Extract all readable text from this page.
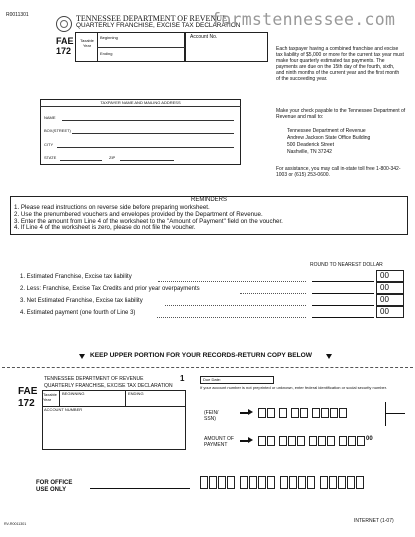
R0011301	TENNESSEE DEPARTMENT OF REVENUE
QUARTERLY FRANCHISE, EXCISE TAX DECLARATION
formstennessee.com
FAE
172
Taxable Year
Beginning
Ending
Account No.
Each taxpayer having a combined franchise and excise tax liability of $5,000 or more for the current tax year must make four quarterly estimated tax payments. The payments are due on the 15th day of the fourth, sixth, and ninth months of the current year and the first month of the succeeding year.
Make your check payable to the Tennessee Department of Revenue and mail to:
Tennessee Department of Revenue
Andrew Jackson State Office Building
500 Deaderick Street
Nashville, TN 37242
For assistance, you may call in-state toll free 1-800-342-1003 or (615) 253-0600.
TAXPAYER NAME AND MAILING ADDRESS
NAME
BOX(STREET)
CITY
STATE	ZIP
REMINDERS
1. Please read instructions on reverse side before preparing worksheet.
2. Use the prenumbered vouchers and envelopes provided by the Department of Revenue.
3. Enter the amount from Line 4 of the worksheet to the "Amount of Payment" field on the voucher.
4. If Line 4 of the worksheet is zero, please do not file the voucher.
ROUND TO NEAREST DOLLAR
1. Estimated Franchise, Excise tax liability	00
2. Less: Franchise, Excise Tax Credits and prior year overpayments	00
3. Net Estimated Franchise, Excise tax liability	00
4. Estimated payment (one fourth of Line 3)	00
KEEP UPPER PORTION FOR YOUR RECORDS-RETURN COPY BELOW
TENNESSEE DEPARTMENT OF REVENUE
QUARTERLY FRANCHISE, EXCISE TAX DECLARATION
1
FAE
172
Taxable Year
BEGINNING	ENDING
ACCOUNT NUMBER
Due Date:
If your account number is not preprinted or unknown, enter federal identification or social security number.
(FEIN/ SSN)
AMOUNT OF PAYMENT
00
FOR OFFICE USE ONLY
RV-R0011301	INTERNET (1-07)
